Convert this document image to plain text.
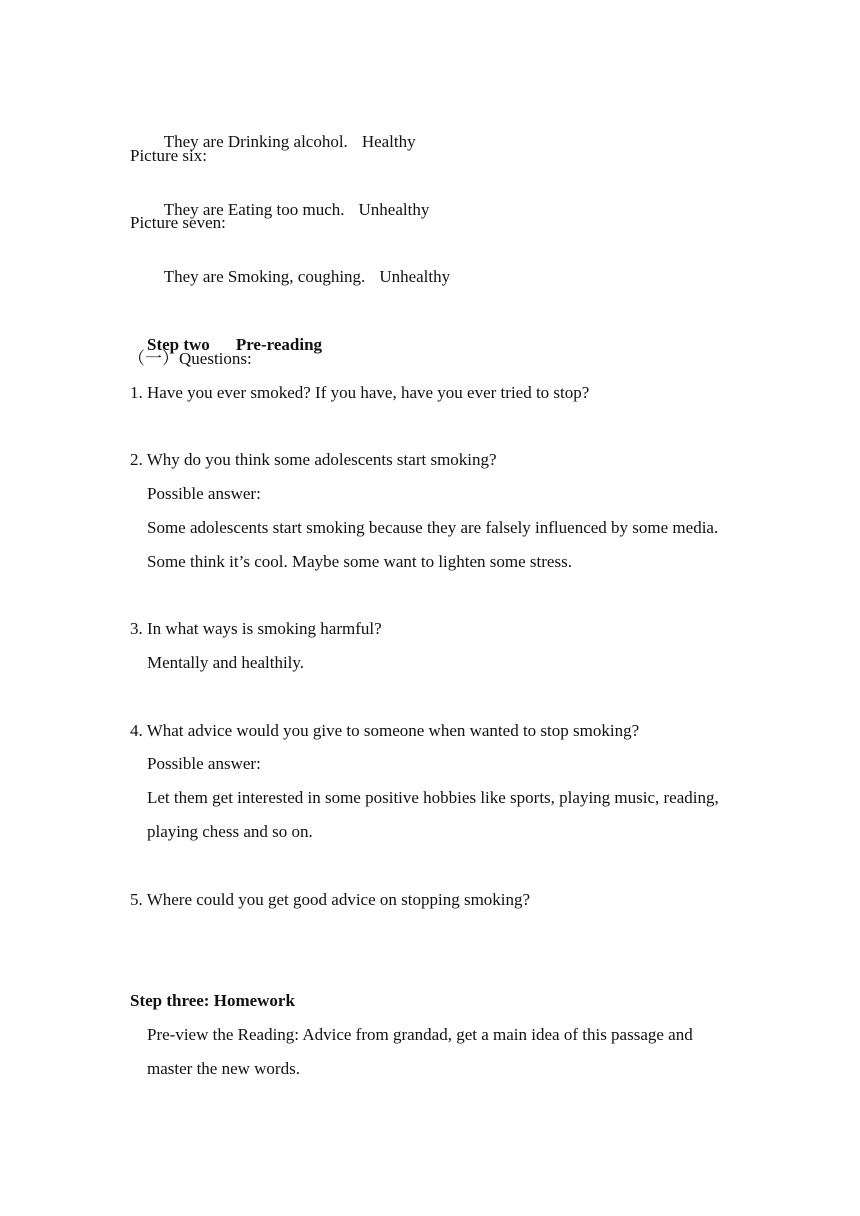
They are Drinking alcohol. Healthy

Picture six:

They are Eating too much. Unhealthy

Picture seven:

They are Smoking, coughing. Unhealthy

Step two Pre-reading

（一）Questions:
1. Have you ever smoked? If you have, have you ever tried to stop?
2. Why do you think some adolescents start smoking?
Possible answer:
Some adolescents start smoking because they are falsely influenced by some media.
Some think it’s cool. Maybe some want to lighten some stress.
3. In what ways is smoking harmful?
Mentally and healthily.
4. What advice would you give to someone when wanted to stop smoking?
Possible answer:
Let them get interested in some positive hobbies like sports, playing music, reading,
playing chess and so on.
5. Where could you get good advice on stopping smoking?
Step three: Homework
Pre-view the Reading: Advice from grandad, get a main idea of this passage and
master the new words.
